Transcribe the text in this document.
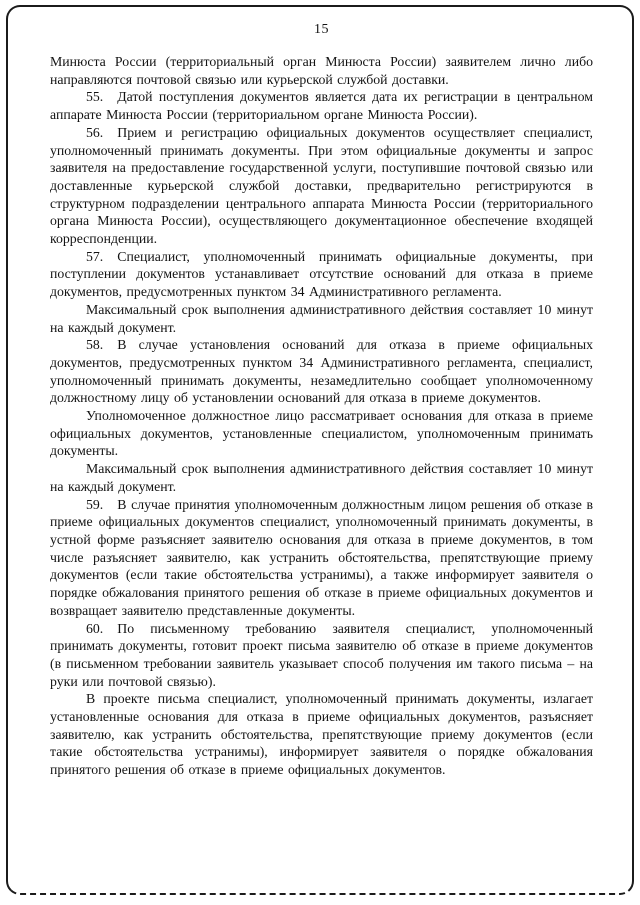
15

Минюста России (территориальный орган Минюста России) заявителем лично либо направляются почтовой связью или курьерской службой доставки.

55. Датой поступления документов является дата их регистрации в центральном аппарате Минюста России (территориальном органе Минюста России).

56. Прием и регистрацию официальных документов осуществляет специалист, уполномоченный принимать документы. При этом официальные документы и запрос заявителя на предоставление государственной услуги, поступившие почтовой связью или доставленные курьерской службой доставки, предварительно регистрируются в структурном подразделении центрального аппарата Минюста России (территориального органа Минюста России), осуществляющего документационное обеспечение входящей корреспонденции.

57. Специалист, уполномоченный принимать официальные документы, при поступлении документов устанавливает отсутствие оснований для отказа в приеме документов, предусмотренных пунктом 34 Административного регламента.

Максимальный срок выполнения административного действия составляет 10 минут на каждый документ.

58. В случае установления оснований для отказа в приеме официальных документов, предусмотренных пунктом 34 Административного регламента, специалист, уполномоченный принимать документы, незамедлительно сообщает уполномоченному должностному лицу об установлении оснований для отказа в приеме документов.

Уполномоченное должностное лицо рассматривает основания для отказа в приеме официальных документов, установленные специалистом, уполномоченным принимать документы.

Максимальный срок выполнения административного действия составляет 10 минут на каждый документ.

59. В случае принятия уполномоченным должностным лицом решения об отказе в приеме официальных документов специалист, уполномоченный принимать документы, в устной форме разъясняет заявителю основания для отказа в приеме документов, в том числе разъясняет заявителю, как устранить обстоятельства, препятствующие приему документов (если такие обстоятельства устранимы), а также информирует заявителя о порядке обжалования принятого решения об отказе в приеме официальных документов и возвращает заявителю представленные документы.

60. По письменному требованию заявителя специалист, уполномоченный принимать документы, готовит проект письма заявителю об отказе в приеме документов (в письменном требовании заявитель указывает способ получения им такого письма – на руки или почтовой связью).

В проекте письма специалист, уполномоченный принимать документы, излагает установленные основания для отказа в приеме официальных документов, разъясняет заявителю, как устранить обстоятельства, препятствующие приему документов (если такие обстоятельства устранимы), информирует заявителя о порядке обжалования принятого решения об отказе в приеме официальных документов.
